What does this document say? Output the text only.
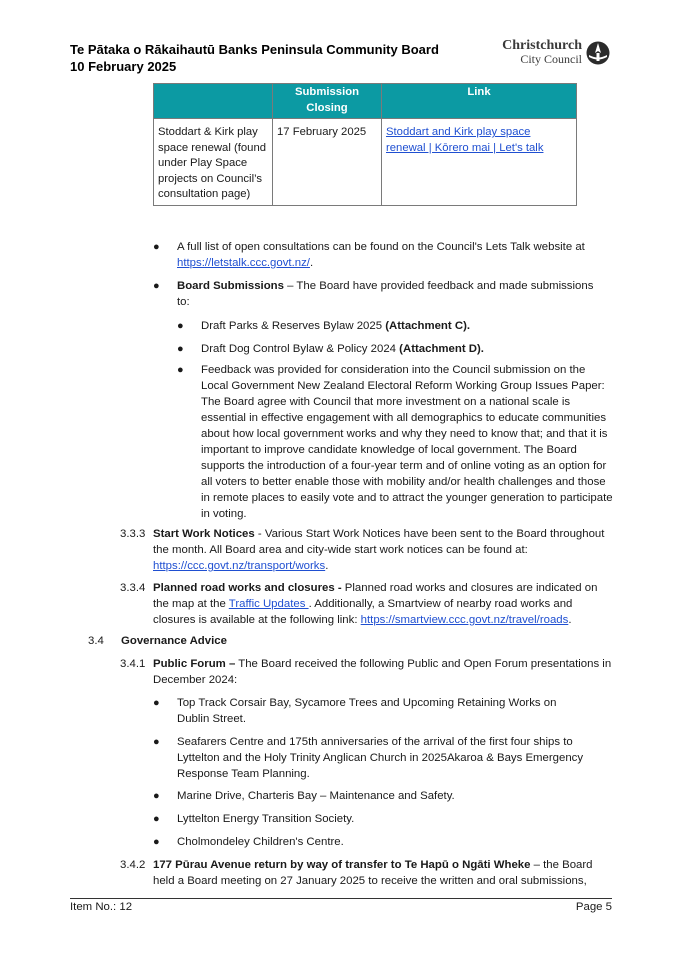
Te Pātaka o Rākaihautū Banks Peninsula Community Board
10 February 2025
Christchurch
City Council
	Submission Closing	Link
Stoddart & Kirk play space renewal (found under Play Space projects on Council’s consultation page)	17 February 2025	Stoddart and Kirk play space renewal | Kōrero mai | Let's talk
● A full list of open consultations can be found on the Council's Lets Talk website at https://letstalk.ccc.govt.nz/.
● Board Submissions – The Board have provided feedback and made submissions to:
● Draft Parks & Reserves Bylaw 2025 (Attachment C).
● Draft Dog Control Bylaw & Policy 2024 (Attachment D).
● Feedback was provided for consideration into the Council submission on the Local Government New Zealand Electoral Reform Working Group Issues Paper: The Board agree with Council that more investment on a national scale is essential in effective engagement with all demographics to educate communities about how local government works and why they need to know that; and that it is important to improve candidate knowledge of local government. The Board supports the introduction of a four-year term and of online voting as an option for all voters to better enable those with mobility and/or health challenges and those in remote places to easily vote and to attract the younger generation to participate in voting.
3.3.3 Start Work Notices - Various Start Work Notices have been sent to the Board throughout the month. All Board area and city-wide start work notices can be found at: https://ccc.govt.nz/transport/works.
3.3.4 Planned road works and closures - Planned road works and closures are indicated on the map at the Traffic Updates . Additionally, a Smartview of nearby road works and closures is available at the following link: https://smartview.ccc.govt.nz/travel/roads.
3.4 Governance Advice
3.4.1 Public Forum – The Board received the following Public and Open Forum presentations in December 2024:
● Top Track Corsair Bay, Sycamore Trees and Upcoming Retaining Works on Dublin Street.
● Seafarers Centre and 175th anniversaries of the arrival of the first four ships to Lyttelton and the Holy Trinity Anglican Church in 2025Akaroa & Bays Emergency Response Team Planning.
● Marine Drive, Charteris Bay – Maintenance and Safety.
● Lyttelton Energy Transition Society.
● Cholmondeley Children's Centre.
3.4.2 177 Pūrau Avenue return by way of transfer to Te Hapū o Ngāti Wheke – the Board held a Board meeting on 27 January 2025 to receive the written and oral submissions,
Item No.: 12	Page 5
